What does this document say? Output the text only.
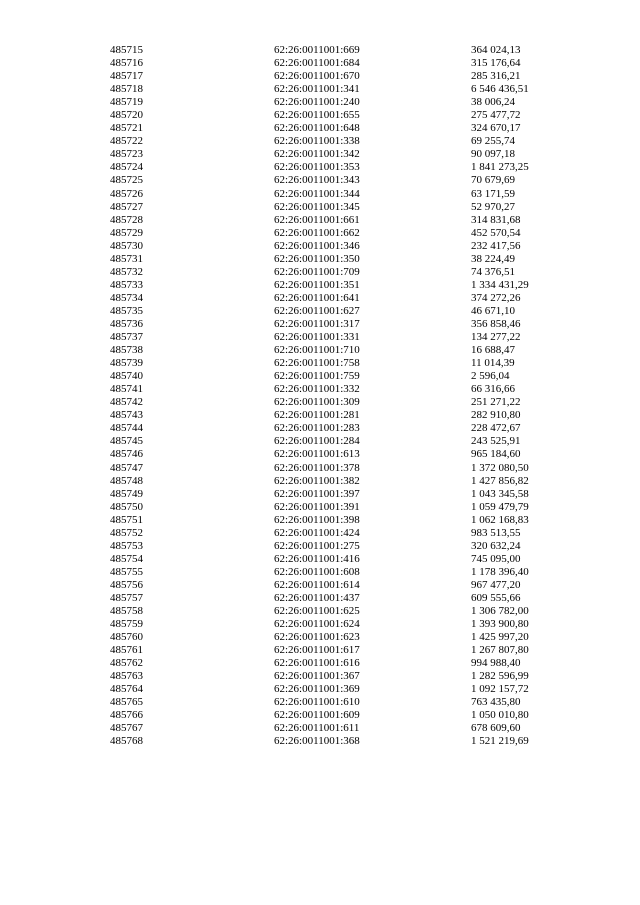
485715	62:26:0011001:669	364 024,13
485716	62:26:0011001:684	315 176,64
485717	62:26:0011001:670	285 316,21
485718	62:26:0011001:341	6 546 436,51
485719	62:26:0011001:240	38 006,24
485720	62:26:0011001:655	275 477,72
485721	62:26:0011001:648	324 670,17
485722	62:26:0011001:338	69 255,74
485723	62:26:0011001:342	90 097,18
485724	62:26:0011001:353	1 841 273,25
485725	62:26:0011001:343	70 679,69
485726	62:26:0011001:344	63 171,59
485727	62:26:0011001:345	52 970,27
485728	62:26:0011001:661	314 831,68
485729	62:26:0011001:662	452 570,54
485730	62:26:0011001:346	232 417,56
485731	62:26:0011001:350	38 224,49
485732	62:26:0011001:709	74 376,51
485733	62:26:0011001:351	1 334 431,29
485734	62:26:0011001:641	374 272,26
485735	62:26:0011001:627	46 671,10
485736	62:26:0011001:317	356 858,46
485737	62:26:0011001:331	134 277,22
485738	62:26:0011001:710	16 688,47
485739	62:26:0011001:758	11 014,39
485740	62:26:0011001:759	2 596,04
485741	62:26:0011001:332	66 316,66
485742	62:26:0011001:309	251 271,22
485743	62:26:0011001:281	282 910,80
485744	62:26:0011001:283	228 472,67
485745	62:26:0011001:284	243 525,91
485746	62:26:0011001:613	965 184,60
485747	62:26:0011001:378	1 372 080,50
485748	62:26:0011001:382	1 427 856,82
485749	62:26:0011001:397	1 043 345,58
485750	62:26:0011001:391	1 059 479,79
485751	62:26:0011001:398	1 062 168,83
485752	62:26:0011001:424	983 513,55
485753	62:26:0011001:275	320 632,24
485754	62:26:0011001:416	745 095,00
485755	62:26:0011001:608	1 178 396,40
485756	62:26:0011001:614	967 477,20
485757	62:26:0011001:437	609 555,66
485758	62:26:0011001:625	1 306 782,00
485759	62:26:0011001:624	1 393 900,80
485760	62:26:0011001:623	1 425 997,20
485761	62:26:0011001:617	1 267 807,80
485762	62:26:0011001:616	994 988,40
485763	62:26:0011001:367	1 282 596,99
485764	62:26:0011001:369	1 092 157,72
485765	62:26:0011001:610	763 435,80
485766	62:26:0011001:609	1 050 010,80
485767	62:26:0011001:611	678 609,60
485768	62:26:0011001:368	1 521 219,69
